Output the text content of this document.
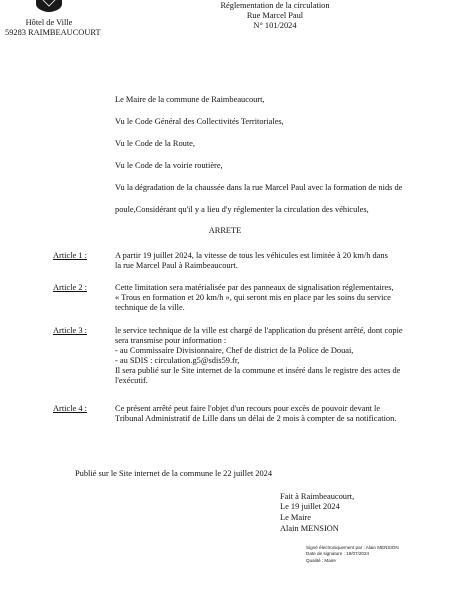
Hôtel de Ville
59283 RAIMBEAUCOURT
Réglementation de la circulation
Rue Marcel Paul
N° 101/2024
Le Maire de la commune de Raimbeaucourt,
Vu le Code Général des Collectivités Territoriales,
Vu le Code de la Route,
Vu le Code de la voirie routière,
Vu la dégradation de la chaussée dans la rue Marcel Paul avec la formation de nids de
poule,Considérant qu'il y a lieu d'y réglementer la circulation des véhicules,
ARRETE
Article 1 :	A partir 19 juillet 2024, la vitesse de tous les véhicules est limitée à 20 km/h dans
la rue Marcel Paul à Raimbeaucourt.
Article 2 :	Cette limitation sera matérialisée par des panneaux de signalisation réglementaires,
« Trous en formation et 20 km/h », qui seront mis en place par les soins du service
technique de la ville.
Article 3 :	le service technique de la ville est chargé de l'application du présent arrêté, dont copie
sera transmise pour information :
- au Commissaire Divisionnaire, Chef de district de la Police de Douai,
- au SDIS : circulation.g5@sdis59.fr,
Il sera publié sur le Site internet de la commune et inséré dans le registre des actes de
l'exécutif.
Article 4 :	Ce présent arrêté peut faire l'objet d'un recours pour excès de pouvoir devant le
Tribunal Administratif de Lille dans un délai de 2 mois à compter de sa notification.
Publié sur le Site internet de la commune le 22 juillet 2024
Fait à Raimbeaucourt,
Le 19 juillet 2024
Le Maire
Alain MENSION
Signé électroniquement par : Alain MENSION
Date de signature : 19/07/2024
Qualité : Maire
